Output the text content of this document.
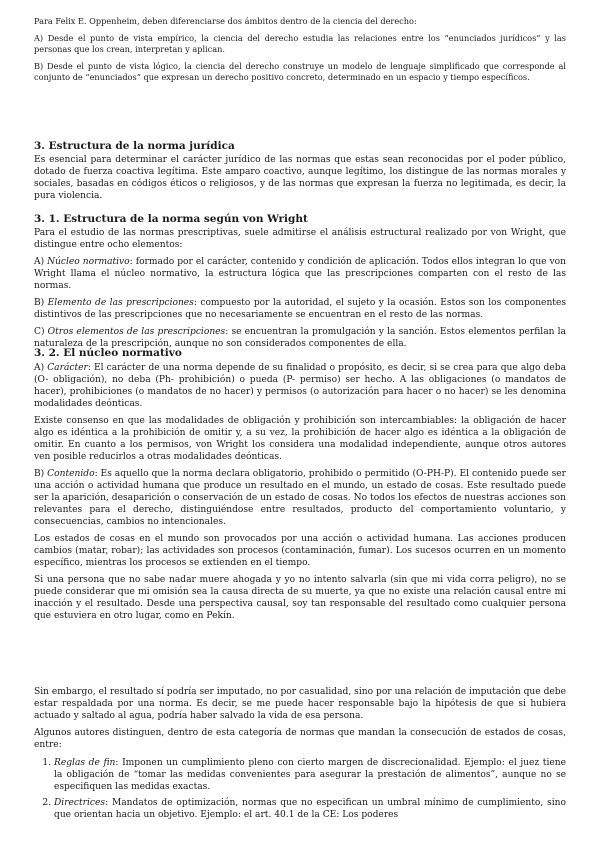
Para Felix E. Oppenheim, deben diferenciarse dos ámbitos dentro de la ciencia del derecho:

A) Desde el punto de vista empírico, la ciencia del derecho estudia las relaciones entre los “enunciados jurídicos” y las personas que los crean, interpretan y aplican.

B) Desde el punto de vista lógico, la ciencia del derecho construye un modelo de lenguaje simplificado que corresponde al conjunto de “enunciados” que expresan un derecho positivo concreto, determinado en un espacio y tiempo específicos.

3. Estructura de la norma jurídica

Es esencial para determinar el carácter jurídico de las normas que estas sean reconocidas por el poder público, dotado de fuerza coactiva legítima. Este amparo coactivo, aunque legítimo, los distingue de las normas morales y sociales, basadas en códigos éticos o religiosos, y de las normas que expresan la fuerza no legitimada, es decir, la pura violencia.

3. 1. Estructura de la norma según von Wright

Para el estudio de las normas prescriptivas, suele admitirse el análisis estructural realizado por von Wright, que distingue entre ocho elementos:

A) Núcleo normativo: formado por el carácter, contenido y condición de aplicación. Todos ellos integran lo que von Wright llama el núcleo normativo, la estructura lógica que las prescripciones comparten con el resto de las normas.

B) Elemento de las prescripciones: compuesto por la autoridad, el sujeto y la ocasión. Estos son los componentes distintivos de las prescripciones que no necesariamente se encuentran en el resto de las normas.

C) Otros elementos de las prescripciones: se encuentran la promulgación y la sanción. Estos elementos perfilan la naturaleza de la prescripción, aunque no son considerados componentes de ella.

3. 2. El núcleo normativo

A) Carácter: El carácter de una norma depende de su finalidad o propósito, es decir, si se crea para que algo deba (O- obligación), no deba (Ph- prohibición) o pueda (P- permiso) ser hecho. A las obligaciones (o mandatos de hacer), prohibiciones (o mandatos de no hacer) y permisos (o autorización para hacer o no hacer) se les denomina modalidades deónticas.

Existe consenso en que las modalidades de obligación y prohibición son intercambiables: la obligación de hacer algo es idéntica a la prohibición de omitir y, a su vez, la prohibición de hacer algo es idéntica a la obligación de omitir. En cuanto a los permisos, von Wright los considera una modalidad independiente, aunque otros autores ven posible reducirlos a otras modalidades deónticas.

B) Contenido: Es aquello que la norma declara obligatorio, prohibido o permitido (O-PH-P). El contenido puede ser una acción o actividad humana que produce un resultado en el mundo, un estado de cosas. Este resultado puede ser la aparición, desaparición o conservación de un estado de cosas. No todos los efectos de nuestras acciones son relevantes para el derecho, distinguiéndose entre resultados, producto del comportamiento voluntario, y consecuencias, cambios no intencionales.

Los estados de cosas en el mundo son provocados por una acción o actividad humana. Las acciones producen cambios (matar, robar); las actividades son procesos (contaminación, fumar). Los sucesos ocurren en un momento específico, mientras los procesos se extienden en el tiempo.

Si una persona que no sabe nadar muere ahogada y yo no intento salvarla (sin que mi vida corra peligro), no se puede considerar que mi omisión sea la causa directa de su muerte, ya que no existe una relación causal entre mi inacción y el resultado. Desde una perspectiva causal, soy tan responsable del resultado como cualquier persona que estuviera en otro lugar, como en Pekín.

Sin embargo, el resultado sí podría ser imputado, no por casualidad, sino por una relación de imputación que debe estar respaldada por una norma. Es decir, se me puede hacer responsable bajo la hipótesis de que si hubiera actuado y saltado al agua, podría haber salvado la vida de esa persona.

Algunos autores distinguen, dentro de esta categoría de normas que mandan la consecución de estados de cosas, entre:

1. Reglas de fin: Imponen un cumplimiento pleno con cierto margen de discrecionalidad. Ejemplo: el juez tiene la obligación de “tomar las medidas convenientes para asegurar la prestación de alimentos”, aunque no se especifiquen las medidas exactas.
2. Directrices: Mandatos de optimización, normas que no especifican un umbral mínimo de cumplimiento, sino que orientan hacia un objetivo. Ejemplo: el art. 40.1 de la CE: Los poderes
